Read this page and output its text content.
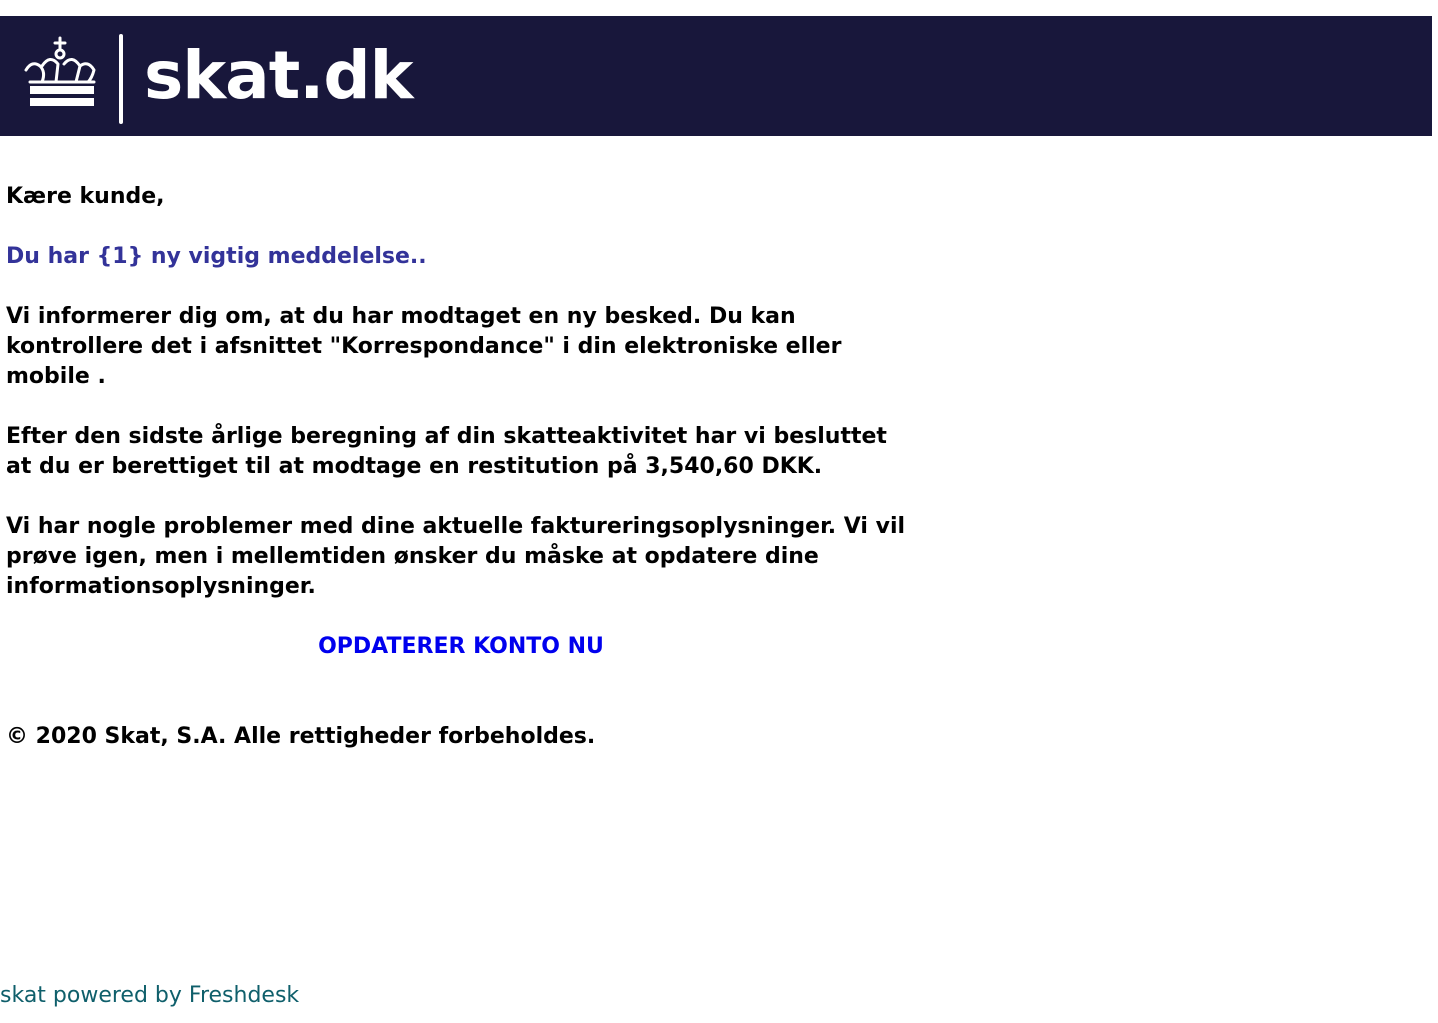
skat.dk

Kære kunde,

Du har {1} ny vigtig meddelelse..

Vi informerer dig om, at du har modtaget en ny besked. Du kan kontrollere det i afsnittet "Korrespondance" i din elektroniske eller mobile .

Efter den sidste årlige beregning af din skatteaktivitet har vi besluttet at du er berettiget til at modtage en restitution på 3,540,60 DKK.

Vi har nogle problemer med dine aktuelle faktureringsoplysninger. Vi vil prøve igen, men i mellemtiden ønsker du måske at opdatere dine informationsoplysninger.

OPDATERER KONTO NU

© 2020 Skat, S.A. Alle rettigheder forbeholdes.

skat powered by Freshdesk
